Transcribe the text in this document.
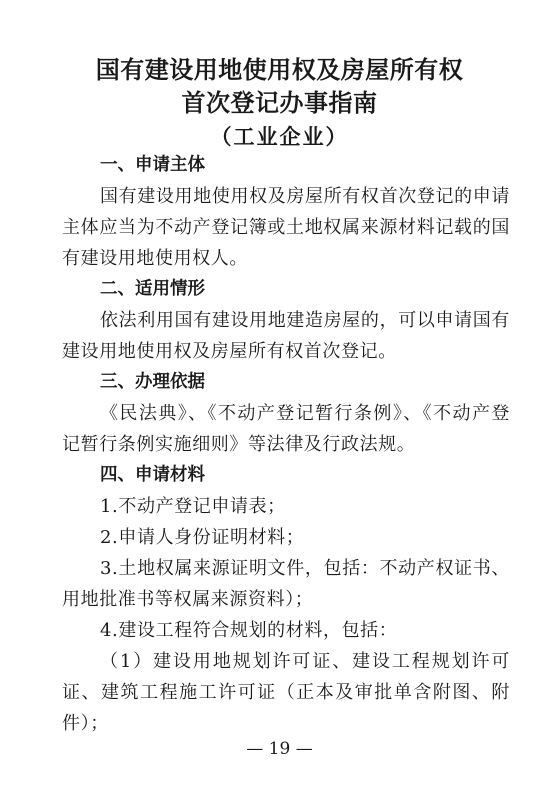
国有建设用地使用权及房屋所有权
首次登记办事指南
（工业企业）
一、申请主体
国有建设用地使用权及房屋所有权首次登记的申请主体应当为不动产登记簿或土地权属来源材料记载的国有建设用地使用权人。
二、适用情形
依法利用国有建设用地建造房屋的，可以申请国有建设用地使用权及房屋所有权首次登记。
三、办理依据
《民法典》、《不动产登记暂行条例》、《不动产登记暂行条例实施细则》等法律及行政法规。
四、申请材料
1.不动产登记申请表；
2.申请人身份证明材料；
3.土地权属来源证明文件，包括：不动产权证书、用地批准书等权属来源资料）；
4.建设工程符合规划的材料，包括：
（1）建设用地规划许可证、建设工程规划许可证、建筑工程施工许可证（正本及审批单含附图、附件）；
— 19 —
